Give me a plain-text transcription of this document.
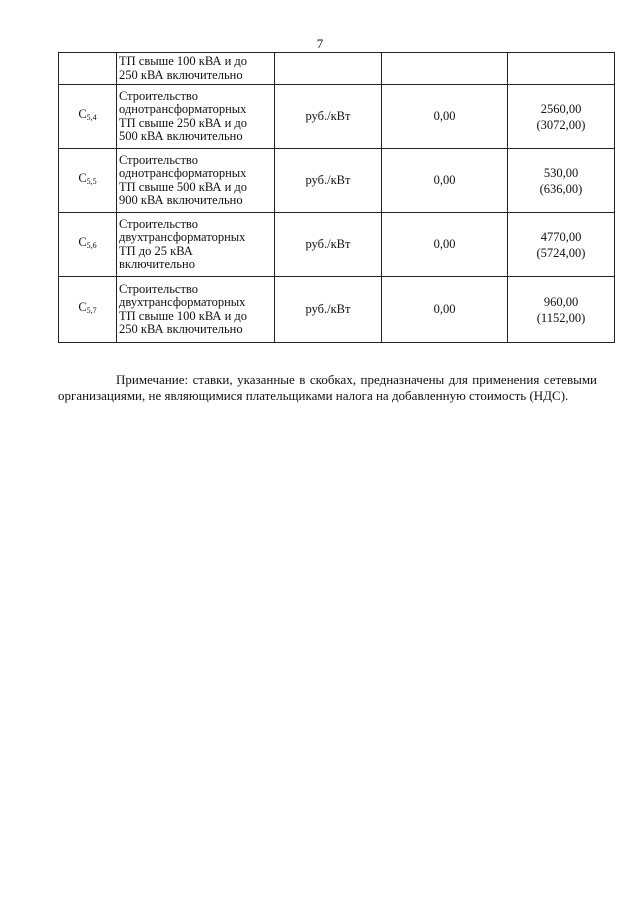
7

	ТП свыше 100 кВА и до
250 кВА включительно			

$C_{5,4}$	Строительство
однотрансформаторных
ТП свыше 250 кВА и до
500 кВА включительно	руб./кВт	0,00	2560,00
(3072,00)

$C_{5,5}$	Строительство
однотрансформаторных
ТП свыше 500 кВА и до
900 кВА включительно	руб./кВт	0,00	530,00
(636,00)

$C_{5,6}$	Строительство
двухтрансформаторных
ТП до 25 кВА
включительно	руб./кВт	0,00	4770,00
(5724,00)

$C_{5,7}$	Строительство
двухтрансформаторных
ТП свыше 100 кВА и до
250 кВА включительно	руб./кВт	0,00	960,00
(1152,00)

Примечание: ставки, указанные в скобках, предназначены для применения сетевыми организациями, не являющимися плательщиками налога на добавленную стоимость (НДС).
